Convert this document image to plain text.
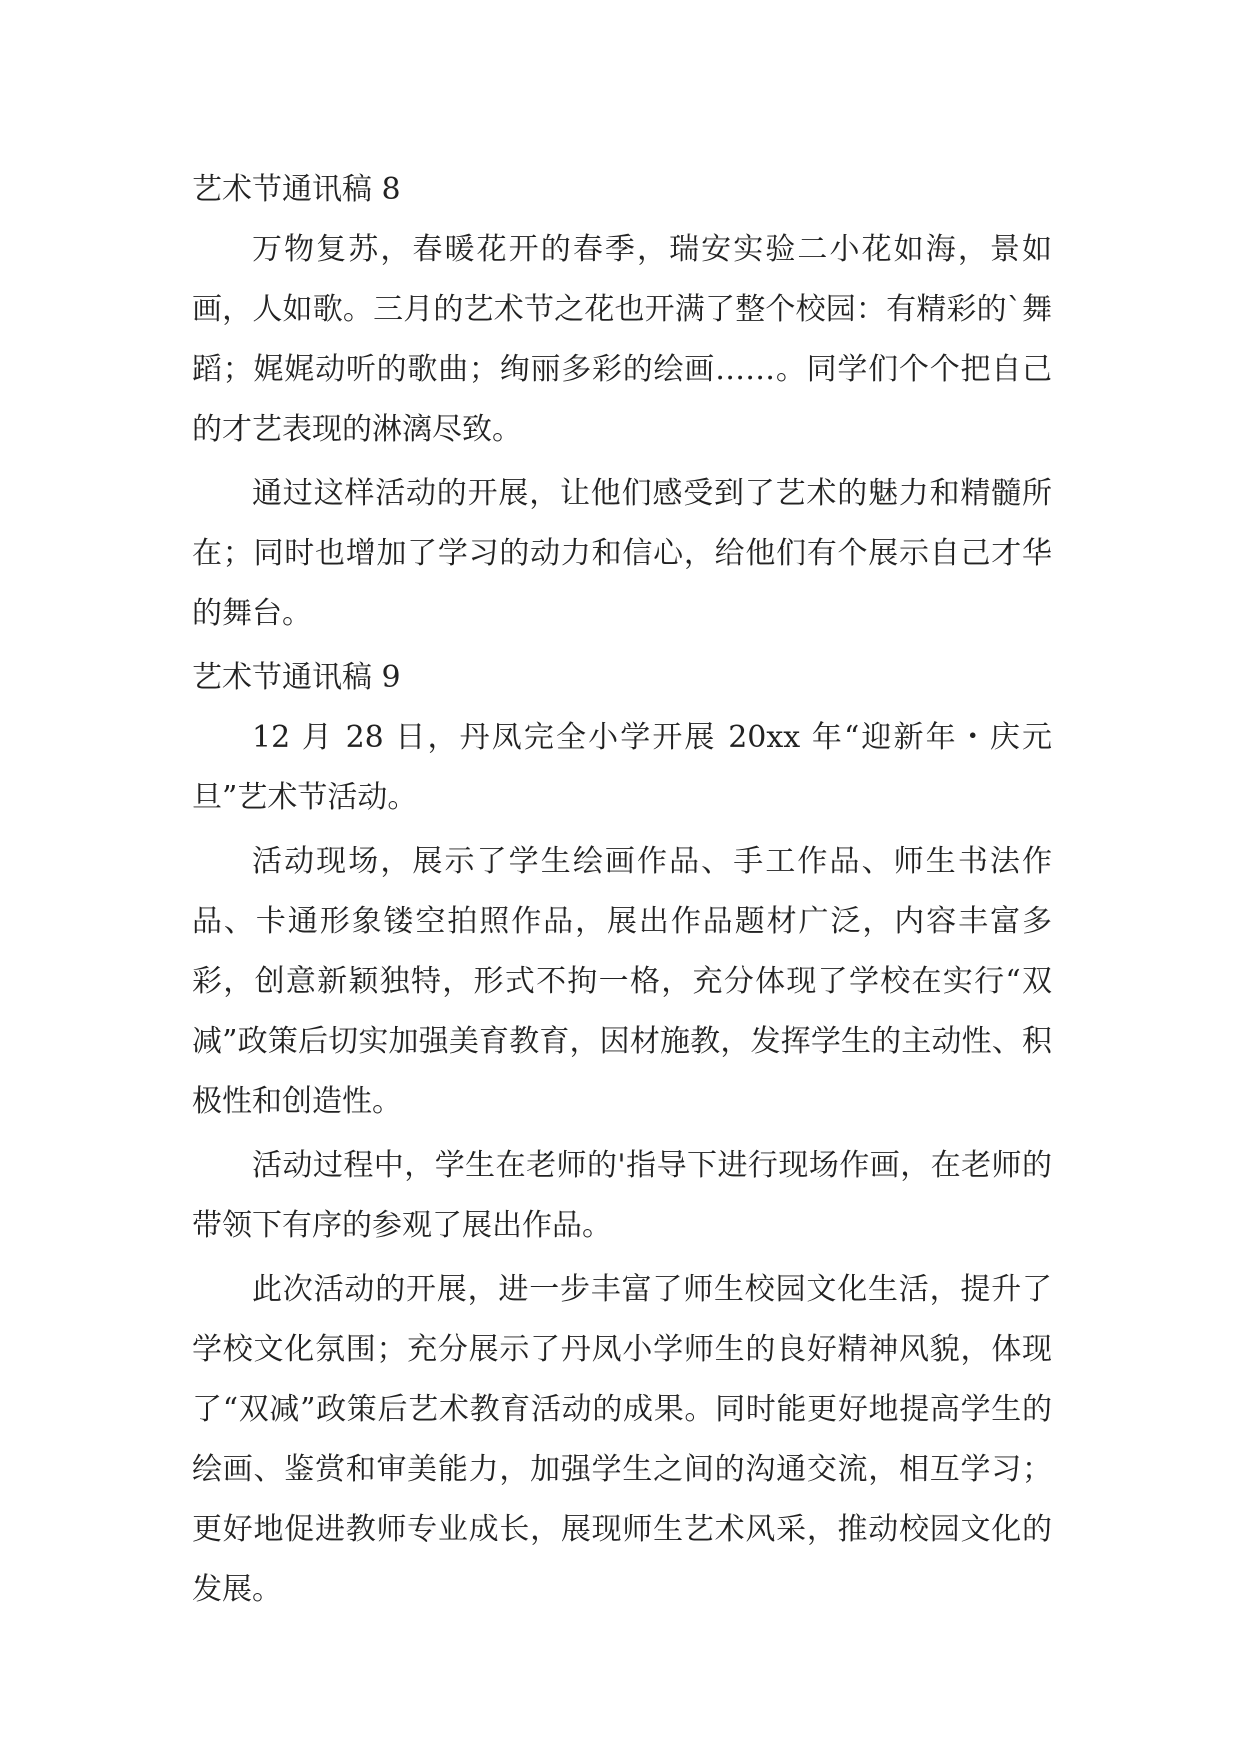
艺术节通讯稿 8

万物复苏，春暖花开的春季，瑞安实验二小花如海，景如画，人如歌。三月的艺术节之花也开满了整个校园：有精彩的`舞蹈；娓娓动听的歌曲；绚丽多彩的绘画……。同学们个个把自己的才艺表现的淋漓尽致。

通过这样活动的开展，让他们感受到了艺术的魅力和精髓所在；同时也增加了学习的动力和信心，给他们有个展示自己才华的舞台。

艺术节通讯稿 9

12 月 28 日，丹凤完全小学开展 20xx 年“迎新年・庆元旦”艺术节活动。

活动现场，展示了学生绘画作品、手工作品、师生书法作品、卡通形象镂空拍照作品，展出作品题材广泛，内容丰富多彩，创意新颖独特，形式不拘一格，充分体现了学校在实行“双减”政策后切实加强美育教育，因材施教，发挥学生的主动性、积极性和创造性。

活动过程中，学生在老师的'指导下进行现场作画，在老师的带领下有序的参观了展出作品。

此次活动的开展，进一步丰富了师生校园文化生活，提升了学校文化氛围；充分展示了丹凤小学师生的良好精神风貌，体现了“双减”政策后艺术教育活动的成果。同时能更好地提高学生的绘画、鉴赏和审美能力，加强学生之间的沟通交流，相互学习；更好地促进教师专业成长，展现师生艺术风采，推动校园文化的发展。
